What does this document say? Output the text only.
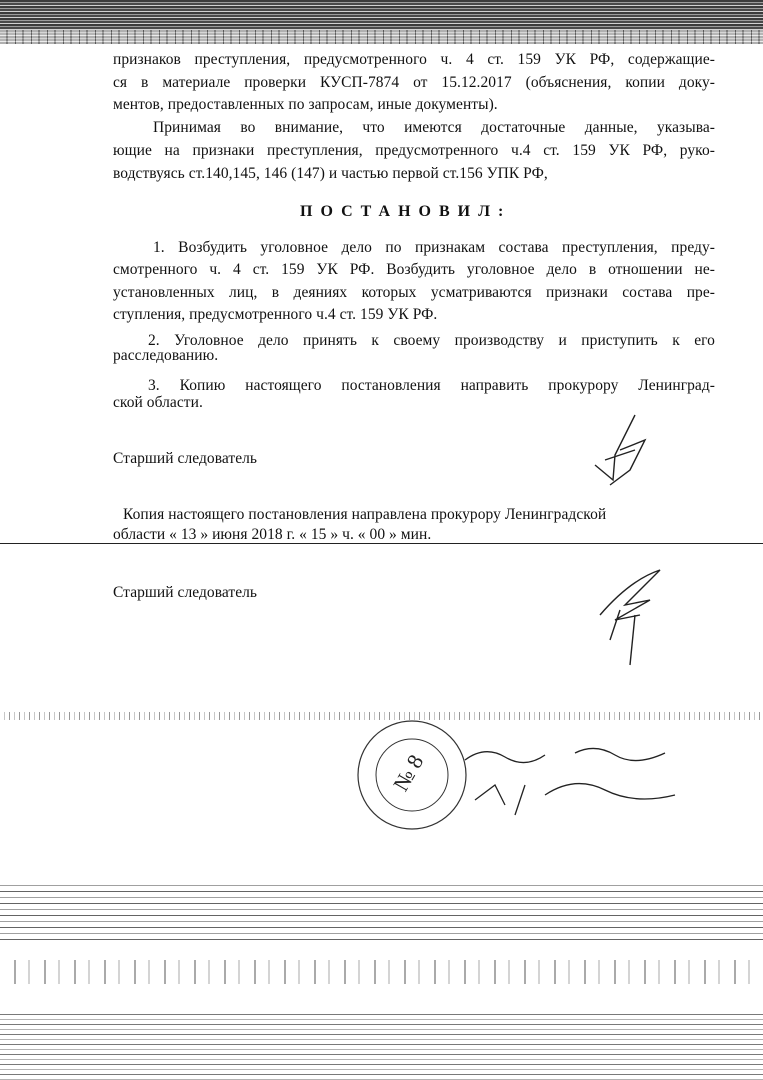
признаков преступления, предусмотренного ч. 4 ст. 159 УК РФ, содержащие-
ся в материале проверки КУСП-7874 от 15.12.2017 (объяснения, копии доку-
ментов, предоставленных по запросам, иные документы).
Принимая во внимание, что имеются достаточные данные, указыва-
ющие на признаки преступления, предусмотренного ч.4 ст. 159 УК РФ, руко-
водствуясь ст.140,145, 146 (147) и частью первой ст.156 УПК РФ,
ПОСТАНОВИЛ:
1. Возбудить уголовное дело по признакам состава преступления, преду-
смотренного ч. 4 ст. 159 УК РФ. Возбудить уголовное дело в отношении не-
установленных лиц, в деяниях которых усматриваются признаки состава пре-
ступления, предусмотренного ч.4 ст. 159 УК РФ.
2. Уголовное дело принять к своему производству и приступить к его
расследованию.
3. Копию настоящего постановления направить прокурору Ленинград-
ской области.
Старший следователь
Копия настоящего постановления направлена прокурору Ленинградской
области « 13 » июня 2018 г. « 15 » ч. « 00 » мин.
Старший следователь
№ 8
